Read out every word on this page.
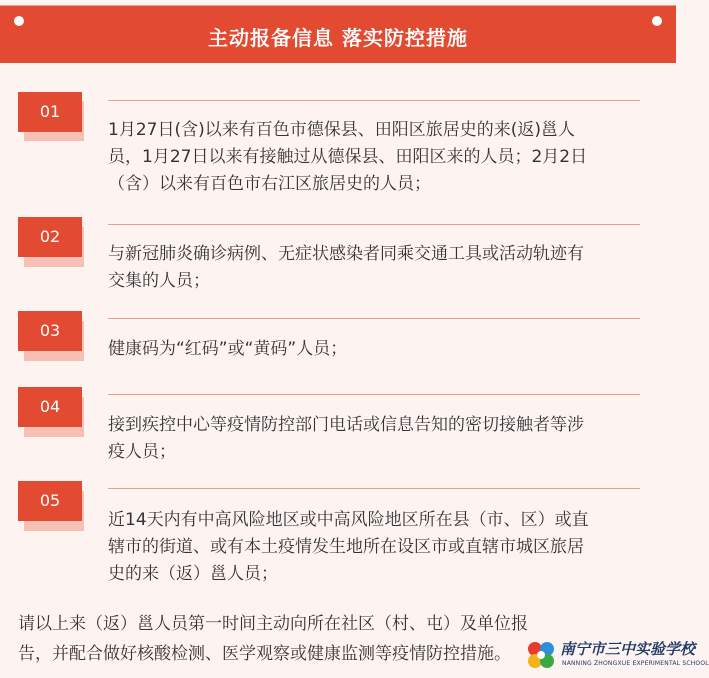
主动报备信息 落实防控措施
01
1月27日(含)以来有百色市德保县、田阳区旅居史的来(返)邕人
员，1月27日以来有接触过从德保县、田阳区来的人员；2月2日
（含）以来有百色市右江区旅居史的人员；
02
与新冠肺炎确诊病例、无症状感染者同乘交通工具或活动轨迹有
交集的人员；
03
健康码为“红码”或“黄码”人员；
04
接到疾控中心等疫情防控部门电话或信息告知的密切接触者等涉
疫人员；
05
近14天内有中高风险地区或中高风险地区所在县（市、区）或直
辖市的街道、或有本土疫情发生地所在设区市或直辖市城区旅居
史的来（返）邕人员；
请以上来（返）邕人员第一时间主动向所在社区（村、屯）及单位报
告，并配合做好核酸检测、医学观察或健康监测等疫情防控措施。	南宁市三中实验学校
NANNING ZHONGXUE EXPERIMENTAL SCHOOL
